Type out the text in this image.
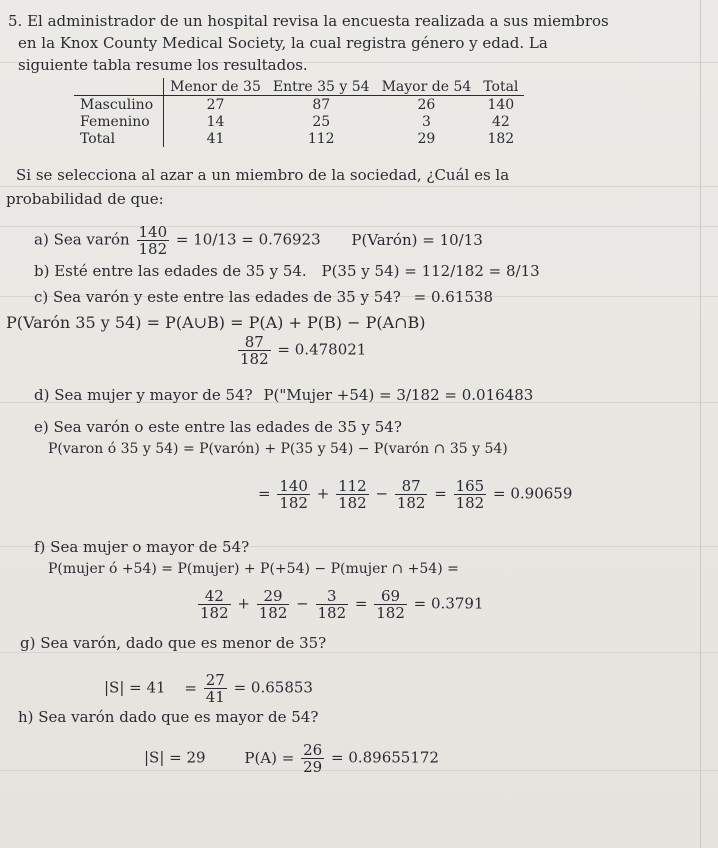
5. El administrador de un hospital revisa la encuesta realizada a sus miembros
en la Knox County Medical Society, la cual registra género y edad. La
siguiente tabla resume los resultados.
	Menor de 35	Entre 35 y 54	Mayor de 54	Total
Masculino	27	87	26	140
Femenino	14	25	3	42
Total	41	112	29	182
Si se selecciona al azar a un miembro de la sociedad, ¿Cuál es la
probabilidad de que:
a) Sea varón $\frac{140}{182} = 10/13 = 0.76923$ P(Varón) = 10/13
b) Esté entre las edades de 35 y 54. P(35 y 54) = 112/182 = 8/13
c) Sea varón y este entre las edades de 35 y 54? = 0.61538
P(Varón 35 y 54) = P(A∪B) = P(A) + P(B) − P(A∩B)
$\frac{87}{182} = 0.478021$
d) Sea mujer y mayor de 54? P("Mujer +54) = 3/182 = 0.016483
e) Sea varón o este entre las edades de 35 y 54?
P(varon ó 35 y 54) = P(varón) + P(35 y 54) − P(varón ∩ 35 y 54)
= $\frac{140}{182} + \frac{112}{182} - \frac{87}{182} = \frac{165}{182} = 0.90659$
f) Sea mujer o mayor de 54?
P(mujer ó +54) = P(mujer) + P(+54) − P(mujer ∩ +54) =
$\frac{42}{182} + \frac{29}{182} - \frac{3}{182} = \frac{69}{182} = 0.3791$
g) Sea varón, dado que es menor de 35?
$|S| = 41 = \frac{27}{41} = 0.65853$
h) Sea varón dado que es mayor de 54?
|S| = 29	$P(A) = \frac{26}{29} = 0.89655172$
